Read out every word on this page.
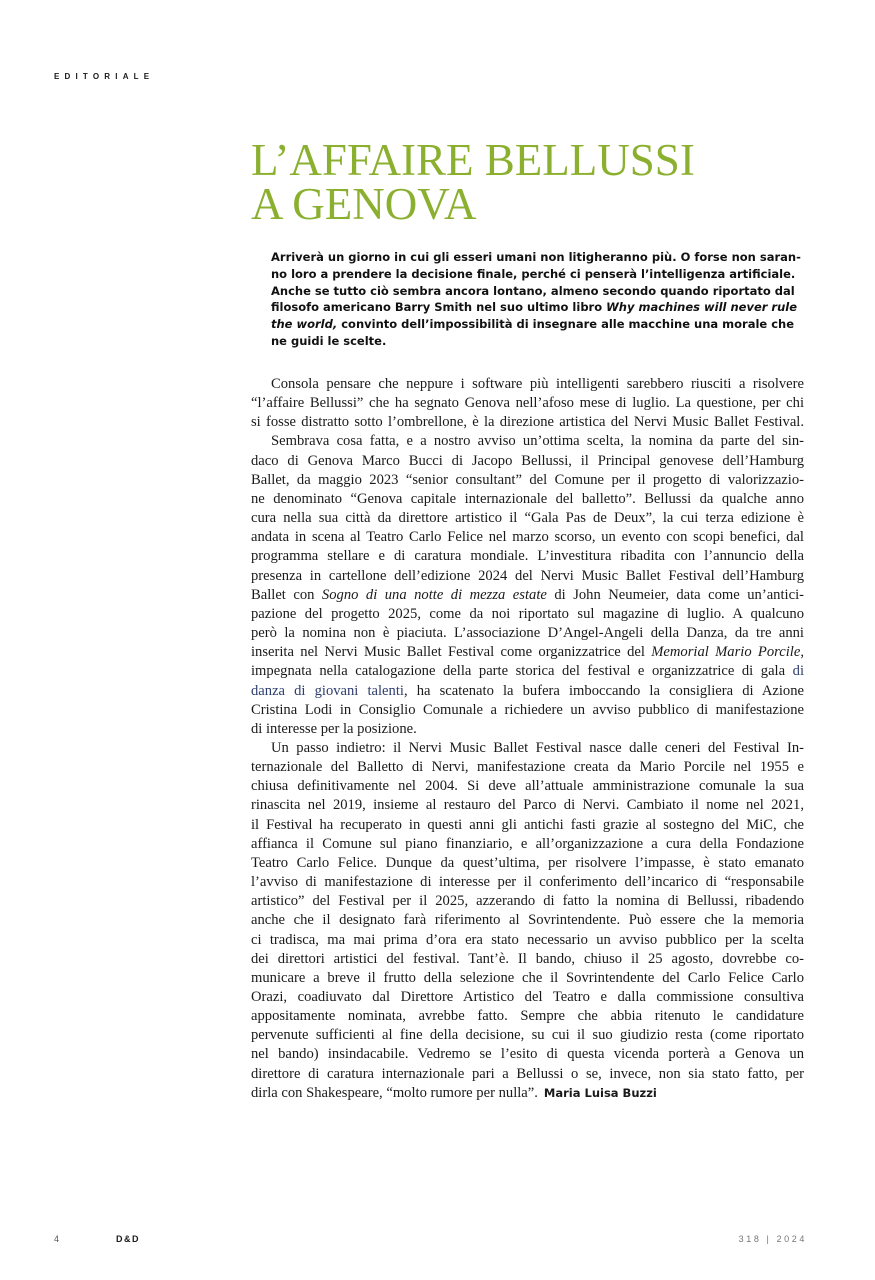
EDITORIALE
L’AFFAIRE BELLUSSI
A GENOVA
Arriverà un giorno in cui gli esseri umani non litigheranno più. O forse non saran-
no loro a prendere la decisione finale, perché ci penserà l’intelligenza artificiale.
Anche se tutto ciò sembra ancora lontano, almeno secondo quando riportato dal
filosofo americano Barry Smith nel suo ultimo libro Why machines will never rule
the world, convinto dell’impossibilità di insegnare alle macchine una morale che
ne guidi le scelte.
Consola pensare che neppure i software più intelligenti sarebbero riusciti a risolvere
“l’affaire Bellussi” che ha segnato Genova nell’afoso mese di luglio. La questione, per chi
si fosse distratto sotto l’ombrellone, è la direzione artistica del Nervi Music Ballet Festival.
Sembrava cosa fatta, e a nostro avviso un’ottima scelta, la nomina da parte del sin-
daco di Genova Marco Bucci di Jacopo Bellussi, il Principal genovese dell’Hamburg
Ballet, da maggio 2023 “senior consultant” del Comune per il progetto di valorizzazio-
ne denominato “Genova capitale internazionale del balletto”. Bellussi da qualche anno
cura nella sua città da direttore artistico il “Gala Pas de Deux”, la cui terza edizione è
andata in scena al Teatro Carlo Felice nel marzo scorso, un evento con scopi benefici, dal
programma stellare e di caratura mondiale. L’investitura ribadita con l’annuncio della
presenza in cartellone dell’edizione 2024 del Nervi Music Ballet Festival dell’Hamburg
Ballet con Sogno di una notte di mezza estate di John Neumeier, data come un’antici-
pazione del progetto 2025, come da noi riportato sul magazine di luglio. A qualcuno
però la nomina non è piaciuta. L’associazione D’Angel-Angeli della Danza, da tre anni
inserita nel Nervi Music Ballet Festival come organizzatrice del Memorial Mario Porcile,
impegnata nella catalogazione della parte storica del festival e organizzatrice di gala di
danza di giovani talenti, ha scatenato la bufera imboccando la consigliera di Azione
Cristina Lodi in Consiglio Comunale a richiedere un avviso pubblico di manifestazione
di interesse per la posizione.
Un passo indietro: il Nervi Music Ballet Festival nasce dalle ceneri del Festival In-
ternazionale del Balletto di Nervi, manifestazione creata da Mario Porcile nel 1955 e
chiusa definitivamente nel 2004. Si deve all’attuale amministrazione comunale la sua
rinascita nel 2019, insieme al restauro del Parco di Nervi. Cambiato il nome nel 2021,
il Festival ha recuperato in questi anni gli antichi fasti grazie al sostegno del MiC, che
affianca il Comune sul piano finanziario, e all’organizzazione a cura della Fondazione
Teatro Carlo Felice. Dunque da quest’ultima, per risolvere l’impasse, è stato emanato
l’avviso di manifestazione di interesse per il conferimento dell’incarico di “responsabile
artistico” del Festival per il 2025, azzerando di fatto la nomina di Bellussi, ribadendo
anche che il designato farà riferimento al Sovrintendente. Può essere che la memoria
ci tradisca, ma mai prima d’ora era stato necessario un avviso pubblico per la scelta
dei direttori artistici del festival. Tant’è. Il bando, chiuso il 25 agosto, dovrebbe co-
municare a breve il frutto della selezione che il Sovrintendente del Carlo Felice Carlo
Orazi, coadiuvato dal Direttore Artistico del Teatro e dalla commissione consultiva
appositamente nominata, avrebbe fatto. Sempre che abbia ritenuto le candidature
pervenute sufficienti al fine della decisione, su cui il suo giudizio resta (come riportato
nel bando) insindacabile. Vedremo se l’esito di questa vicenda porterà a Genova un
direttore di caratura internazionale pari a Bellussi o se, invece, non sia stato fatto, per
dirla con Shakespeare, “molto rumore per nulla”. Maria Luisa Buzzi
4	D&D	318 | 2024
